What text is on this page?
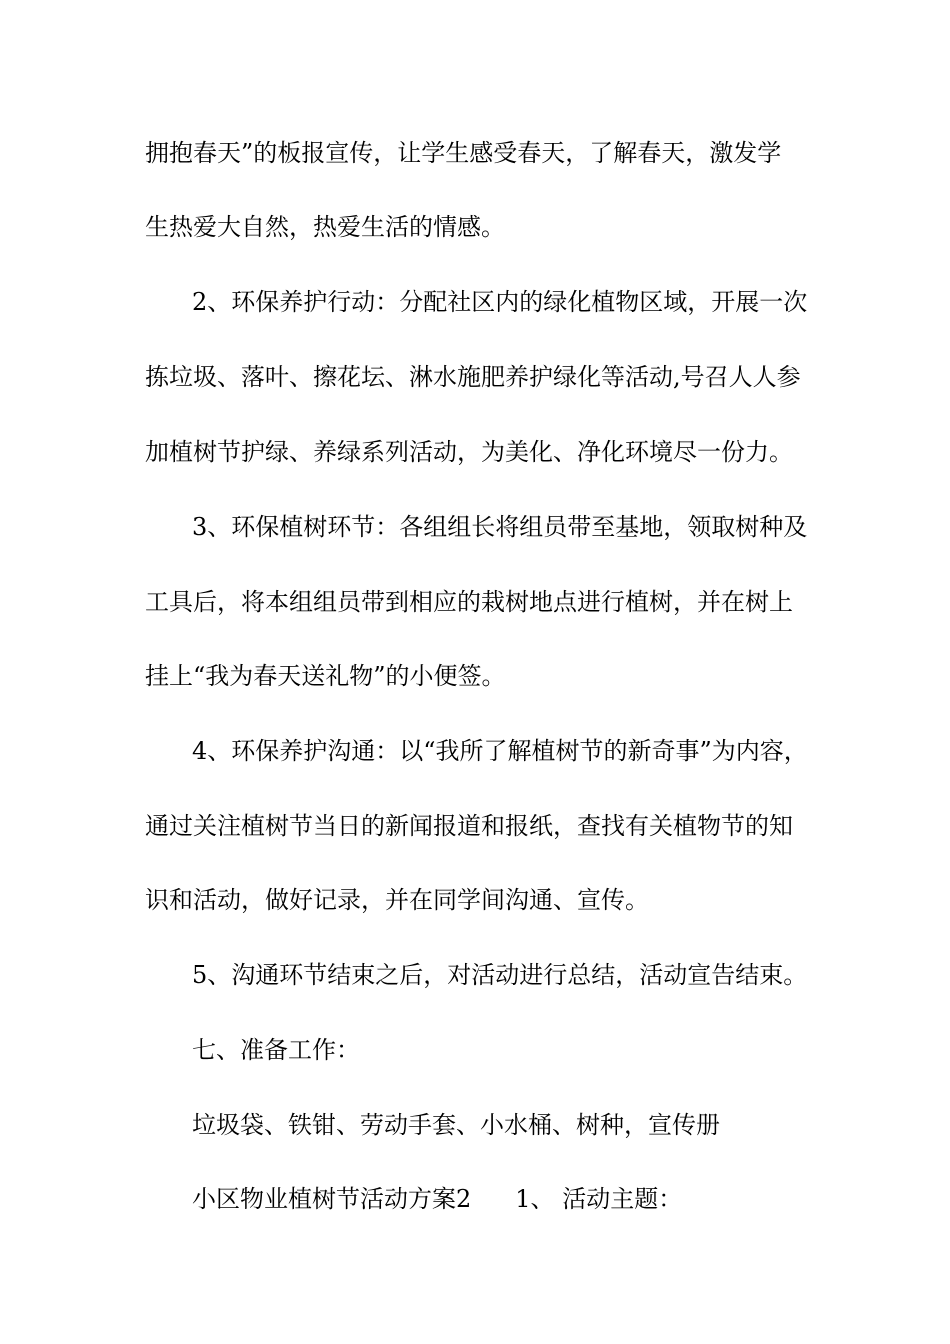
拥抱春天”的板报宣传，让学生感受春天，了解春天，激发学
生热爱大自然，热爱生活的情感。
2、环保养护行动：分配社区内的绿化植物区域，开展一次
拣垃圾、落叶、擦花坛、淋水施肥养护绿化等活动,号召人人参
加植树节护绿、养绿系列活动，为美化、净化环境尽一份力。
3、环保植树环节：各组组长将组员带至基地，领取树种及
工具后，将本组组员带到相应的栽树地点进行植树，并在树上
挂上“我为春天送礼物”的小便签。
4、环保养护沟通：以“我所了解植树节的新奇事”为内容，
通过关注植树节当日的新闻报道和报纸，查找有关植物节的知
识和活动，做好记录，并在同学间沟通、宣传。
5、沟通环节结束之后，对活动进行总结，活动宣告结束。
七、准备工作：
垃圾袋、铁钳、劳动手套、小水桶、树种，宣传册
小区物业植树节活动方案2 1、 活动主题：
